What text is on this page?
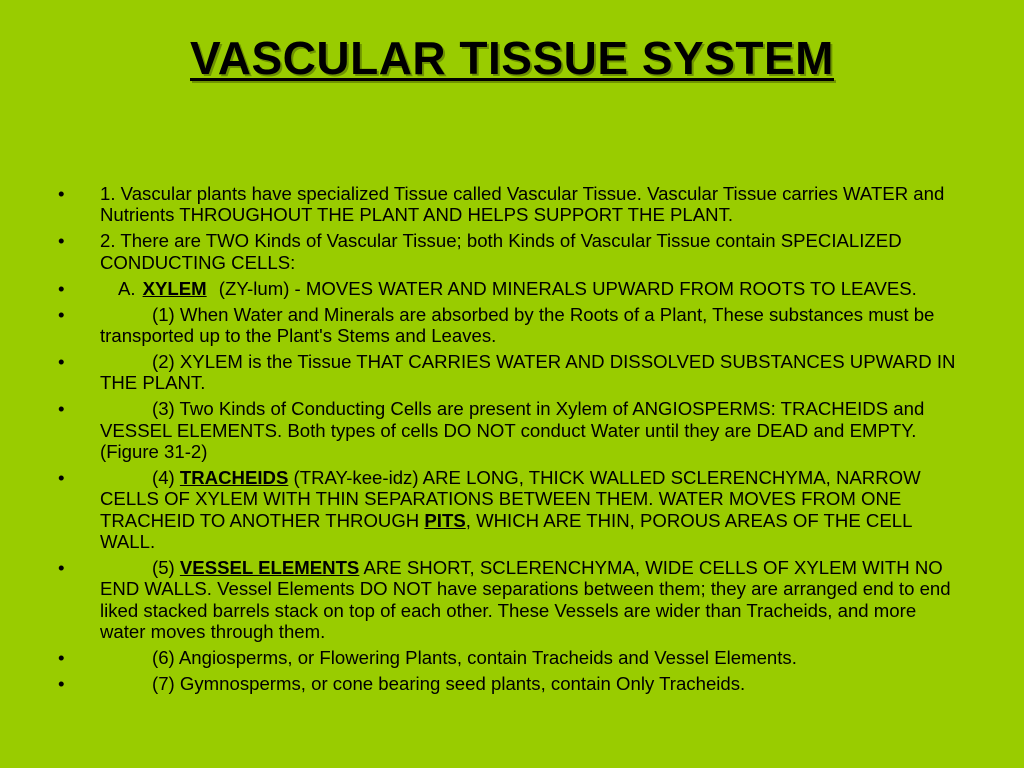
VASCULAR TISSUE SYSTEM
•	1. Vascular plants have specialized Tissue called Vascular Tissue. Vascular Tissue carries WATER and Nutrients THROUGHOUT THE PLANT AND HELPS SUPPORT THE PLANT.
•	2. There are TWO Kinds of Vascular Tissue; both Kinds of Vascular Tissue contain SPECIALIZED CONDUCTING CELLS:
•	A. XYLEM (ZY-lum) - MOVES WATER AND MINERALS UPWARD FROM ROOTS TO LEAVES.
•	(1) When Water and Minerals are absorbed by the Roots of a Plant, These substances must be transported up to the Plant's Stems and Leaves.
•	(2) XYLEM is the Tissue THAT CARRIES WATER AND DISSOLVED SUBSTANCES UPWARD IN THE PLANT.
•	(3) Two Kinds of Conducting Cells are present in Xylem of ANGIOSPERMS: TRACHEIDS and VESSEL ELEMENTS. Both types of cells DO NOT conduct Water until they are DEAD and EMPTY. (Figure 31-2)
•	(4) TRACHEIDS (TRAY-kee-idz) ARE LONG, THICK WALLED SCLERENCHYMA, NARROW CELLS OF XYLEM WITH THIN SEPARATIONS BETWEEN THEM. WATER MOVES FROM ONE TRACHEID TO ANOTHER THROUGH PITS, WHICH ARE THIN, POROUS AREAS OF THE CELL WALL.
•	(5) VESSEL ELEMENTS ARE SHORT, SCLERENCHYMA, WIDE CELLS OF XYLEM WITH NO END WALLS. Vessel Elements DO NOT have separations between them; they are arranged end to end liked stacked barrels stack on top of each other. These Vessels are wider than Tracheids, and more water moves through them.
•	(6) Angiosperms, or Flowering Plants, contain Tracheids and Vessel Elements.
•	(7) Gymnosperms, or cone bearing seed plants, contain Only Tracheids.
